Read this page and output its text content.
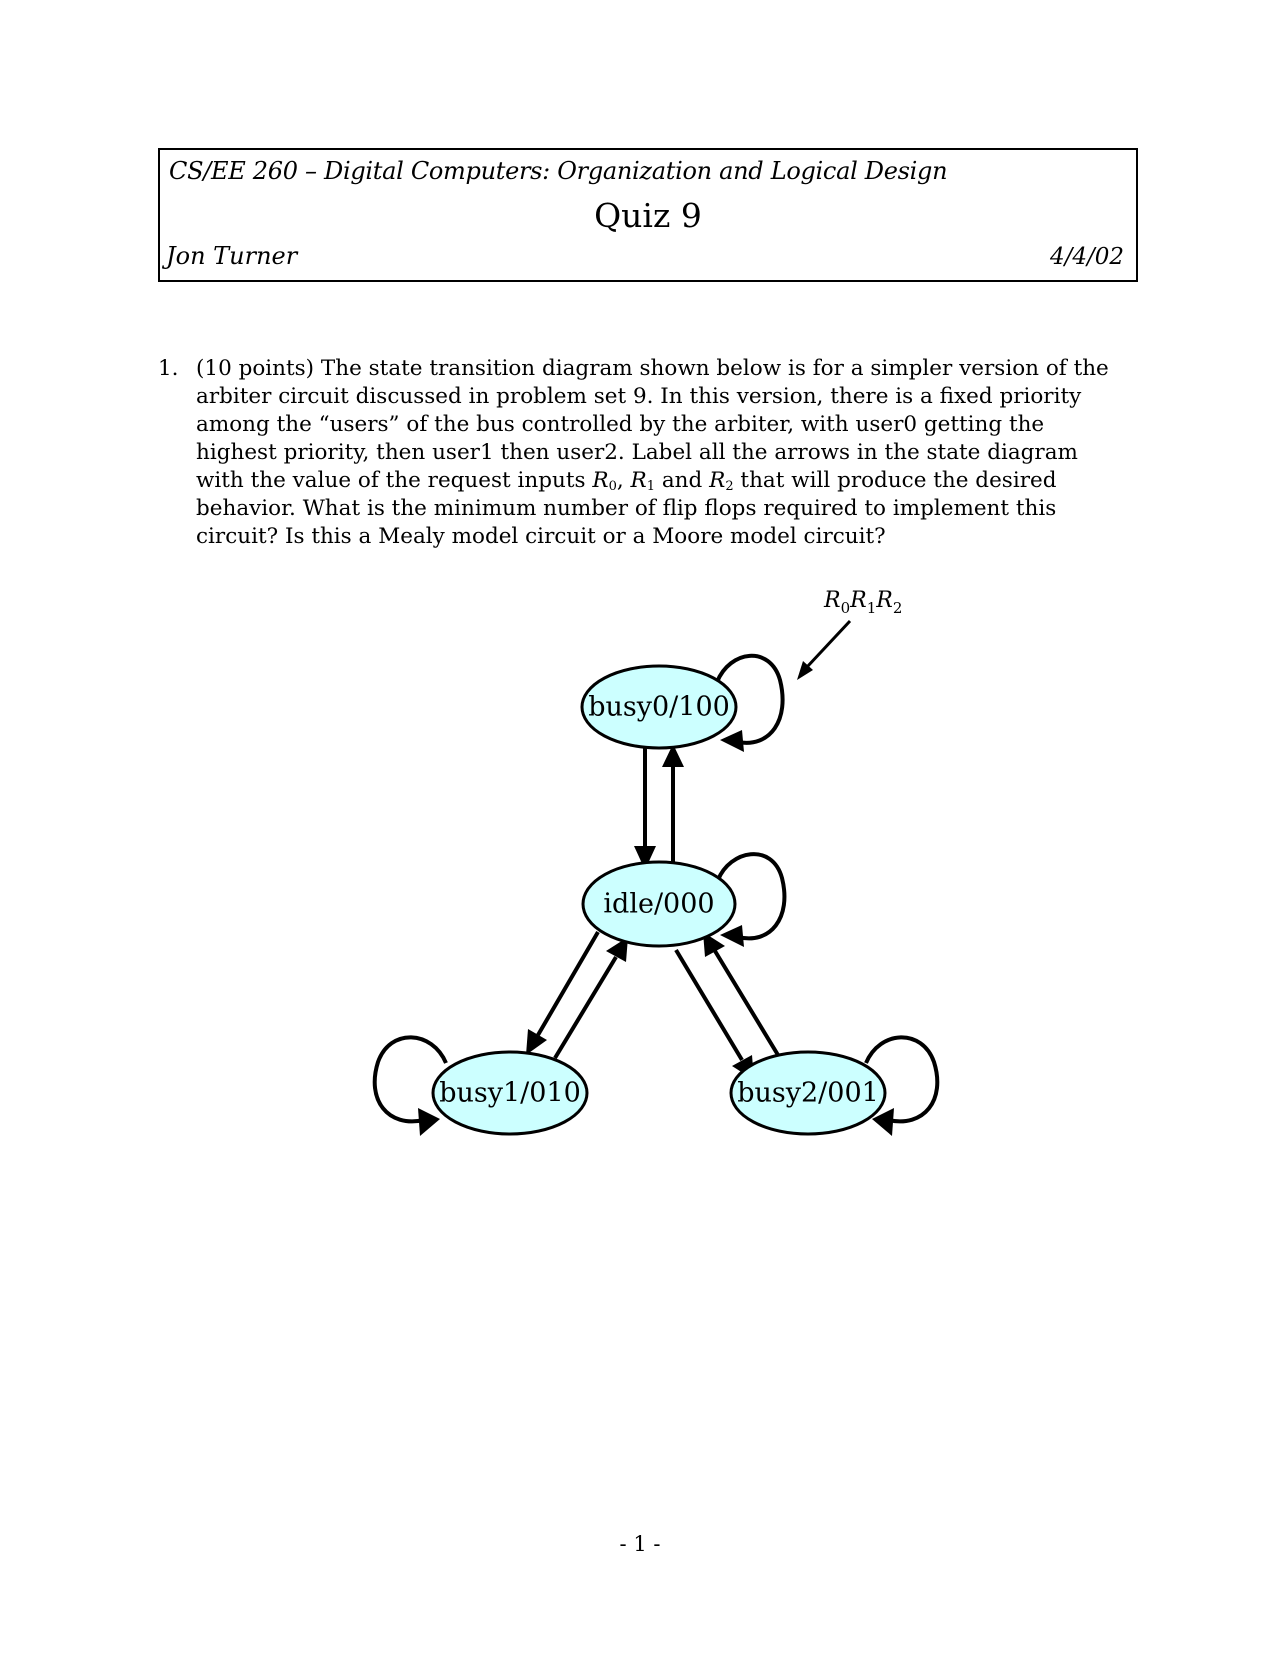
CS/EE 260 – Digital Computers: Organization and Logical Design
Quiz 9
Jon Turner	4/4/02
1. (10 points) The state transition diagram shown below is for a simpler version of the arbiter circuit discussed in problem set 9. In this version, there is a fixed priority among the “users” of the bus controlled by the arbiter, with user0 getting the highest priority, then user1 then user2. Label all the arrows in the state diagram with the value of the request inputs $R_0$, $R_1$ and $R_2$ that will produce the desired behavior. What is the minimum number of flip flops required to implement this circuit? Is this a Mealy model circuit or a Moore model circuit?
$R_0R_1R_2$
busy0/100
idle/000
busy1/010	busy2/001
- 1 -
